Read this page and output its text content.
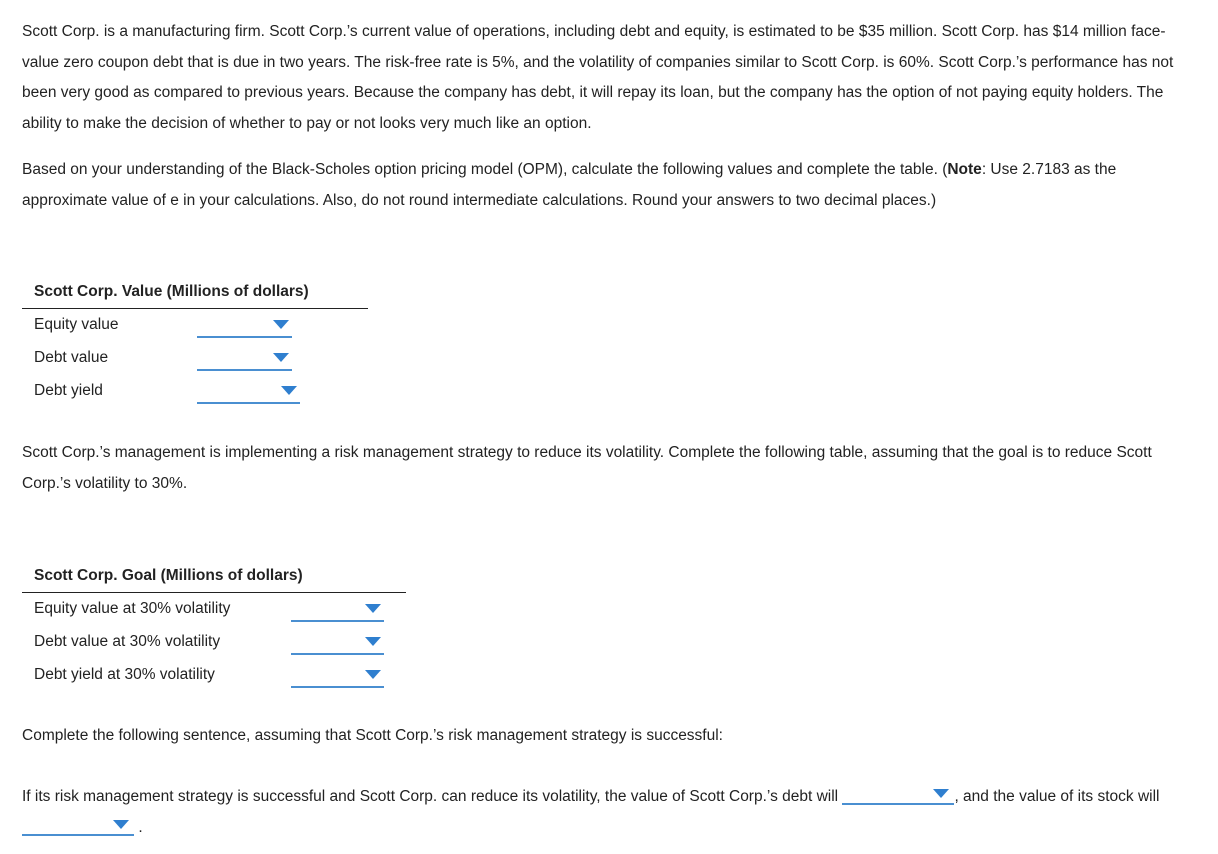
Scott Corp. is a manufacturing firm. Scott Corp.’s current value of operations, including debt and equity, is estimated to be $35 million. Scott Corp. has $14 million face-value zero coupon debt that is due in two years. The risk-free rate is 5%, and the volatility of companies similar to Scott Corp. is 60%. Scott Corp.’s performance has not been very good as compared to previous years. Because the company has debt, it will repay its loan, but the company has the option of not paying equity holders. The ability to make the decision of whether to pay or not looks very much like an option.

Based on your understanding of the Black-Scholes option pricing model (OPM), calculate the following values and complete the table. (Note: Use 2.7183 as the approximate value of e in your calculations. Also, do not round intermediate calculations. Round your answers to two decimal places.)

Scott Corp. Value (Millions of dollars)
Equity value
Debt value
Debt yield

Scott Corp.’s management is implementing a risk management strategy to reduce its volatility. Complete the following table, assuming that the goal is to reduce Scott Corp.’s volatility to 30%.

Scott Corp. Goal (Millions of dollars)
Equity value at 30% volatility
Debt value at 30% volatility
Debt yield at 30% volatility

Complete the following sentence, assuming that Scott Corp.’s risk management strategy is successful:

If its risk management strategy is successful and Scott Corp. can reduce its volatility, the value of Scott Corp.’s debt will	, and the value of its stock will
.
